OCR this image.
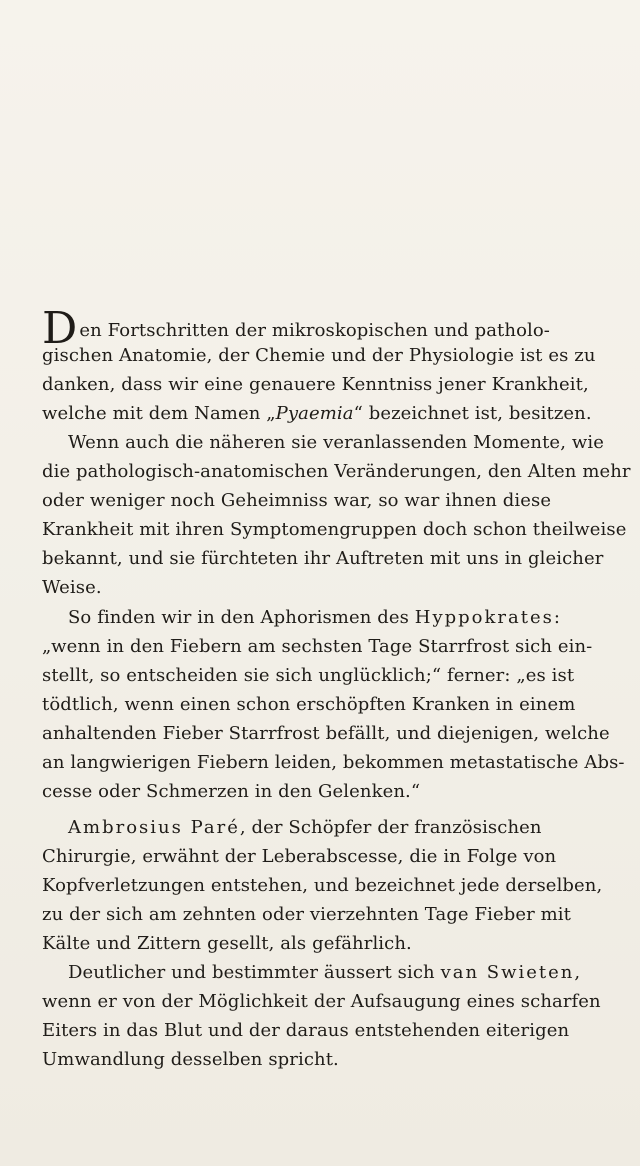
Den Fortschritten der mikroskopischen und patholo-
gischen Anatomie, der Chemie und der Physiologie ist es zu
danken, dass wir eine genauere Kenntniss jener Krankheit,
welche mit dem Namen „Pyaemia“ bezeichnet ist, besitzen.
Wenn auch die näheren sie veranlassenden Momente, wie
die pathologisch-anatomischen Veränderungen, den Alten mehr
oder weniger noch Geheimniss war, so war ihnen diese
Krankheit mit ihren Symptomengruppen doch schon theilweise
bekannt, und sie fürchteten ihr Auftreten mit uns in gleicher
Weise.
So finden wir in den Aphorismen des Hyppokrates:
„wenn in den Fiebern am sechsten Tage Starrfrost sich ein-
stellt, so entscheiden sie sich unglücklich;“ ferner: „es ist
tödtlich, wenn einen schon erschöpften Kranken in einem
anhaltenden Fieber Starrfrost befällt, und diejenigen, welche
an langwierigen Fiebern leiden, bekommen metastatische Abs-
cesse oder Schmerzen in den Gelenken.“
Ambrosius Paré, der Schöpfer der französischen
Chirurgie, erwähnt der Leberabscesse, die in Folge von
Kopfverletzungen entstehen, und bezeichnet jede derselben,
zu der sich am zehnten oder vierzehnten Tage Fieber mit
Kälte und Zittern gesellt, als gefährlich.
Deutlicher und bestimmter äussert sich van Swieten,
wenn er von der Möglichkeit der Aufsaugung eines scharfen
Eiters in das Blut und der daraus entstehenden eiterigen
Umwandlung desselben spricht.
